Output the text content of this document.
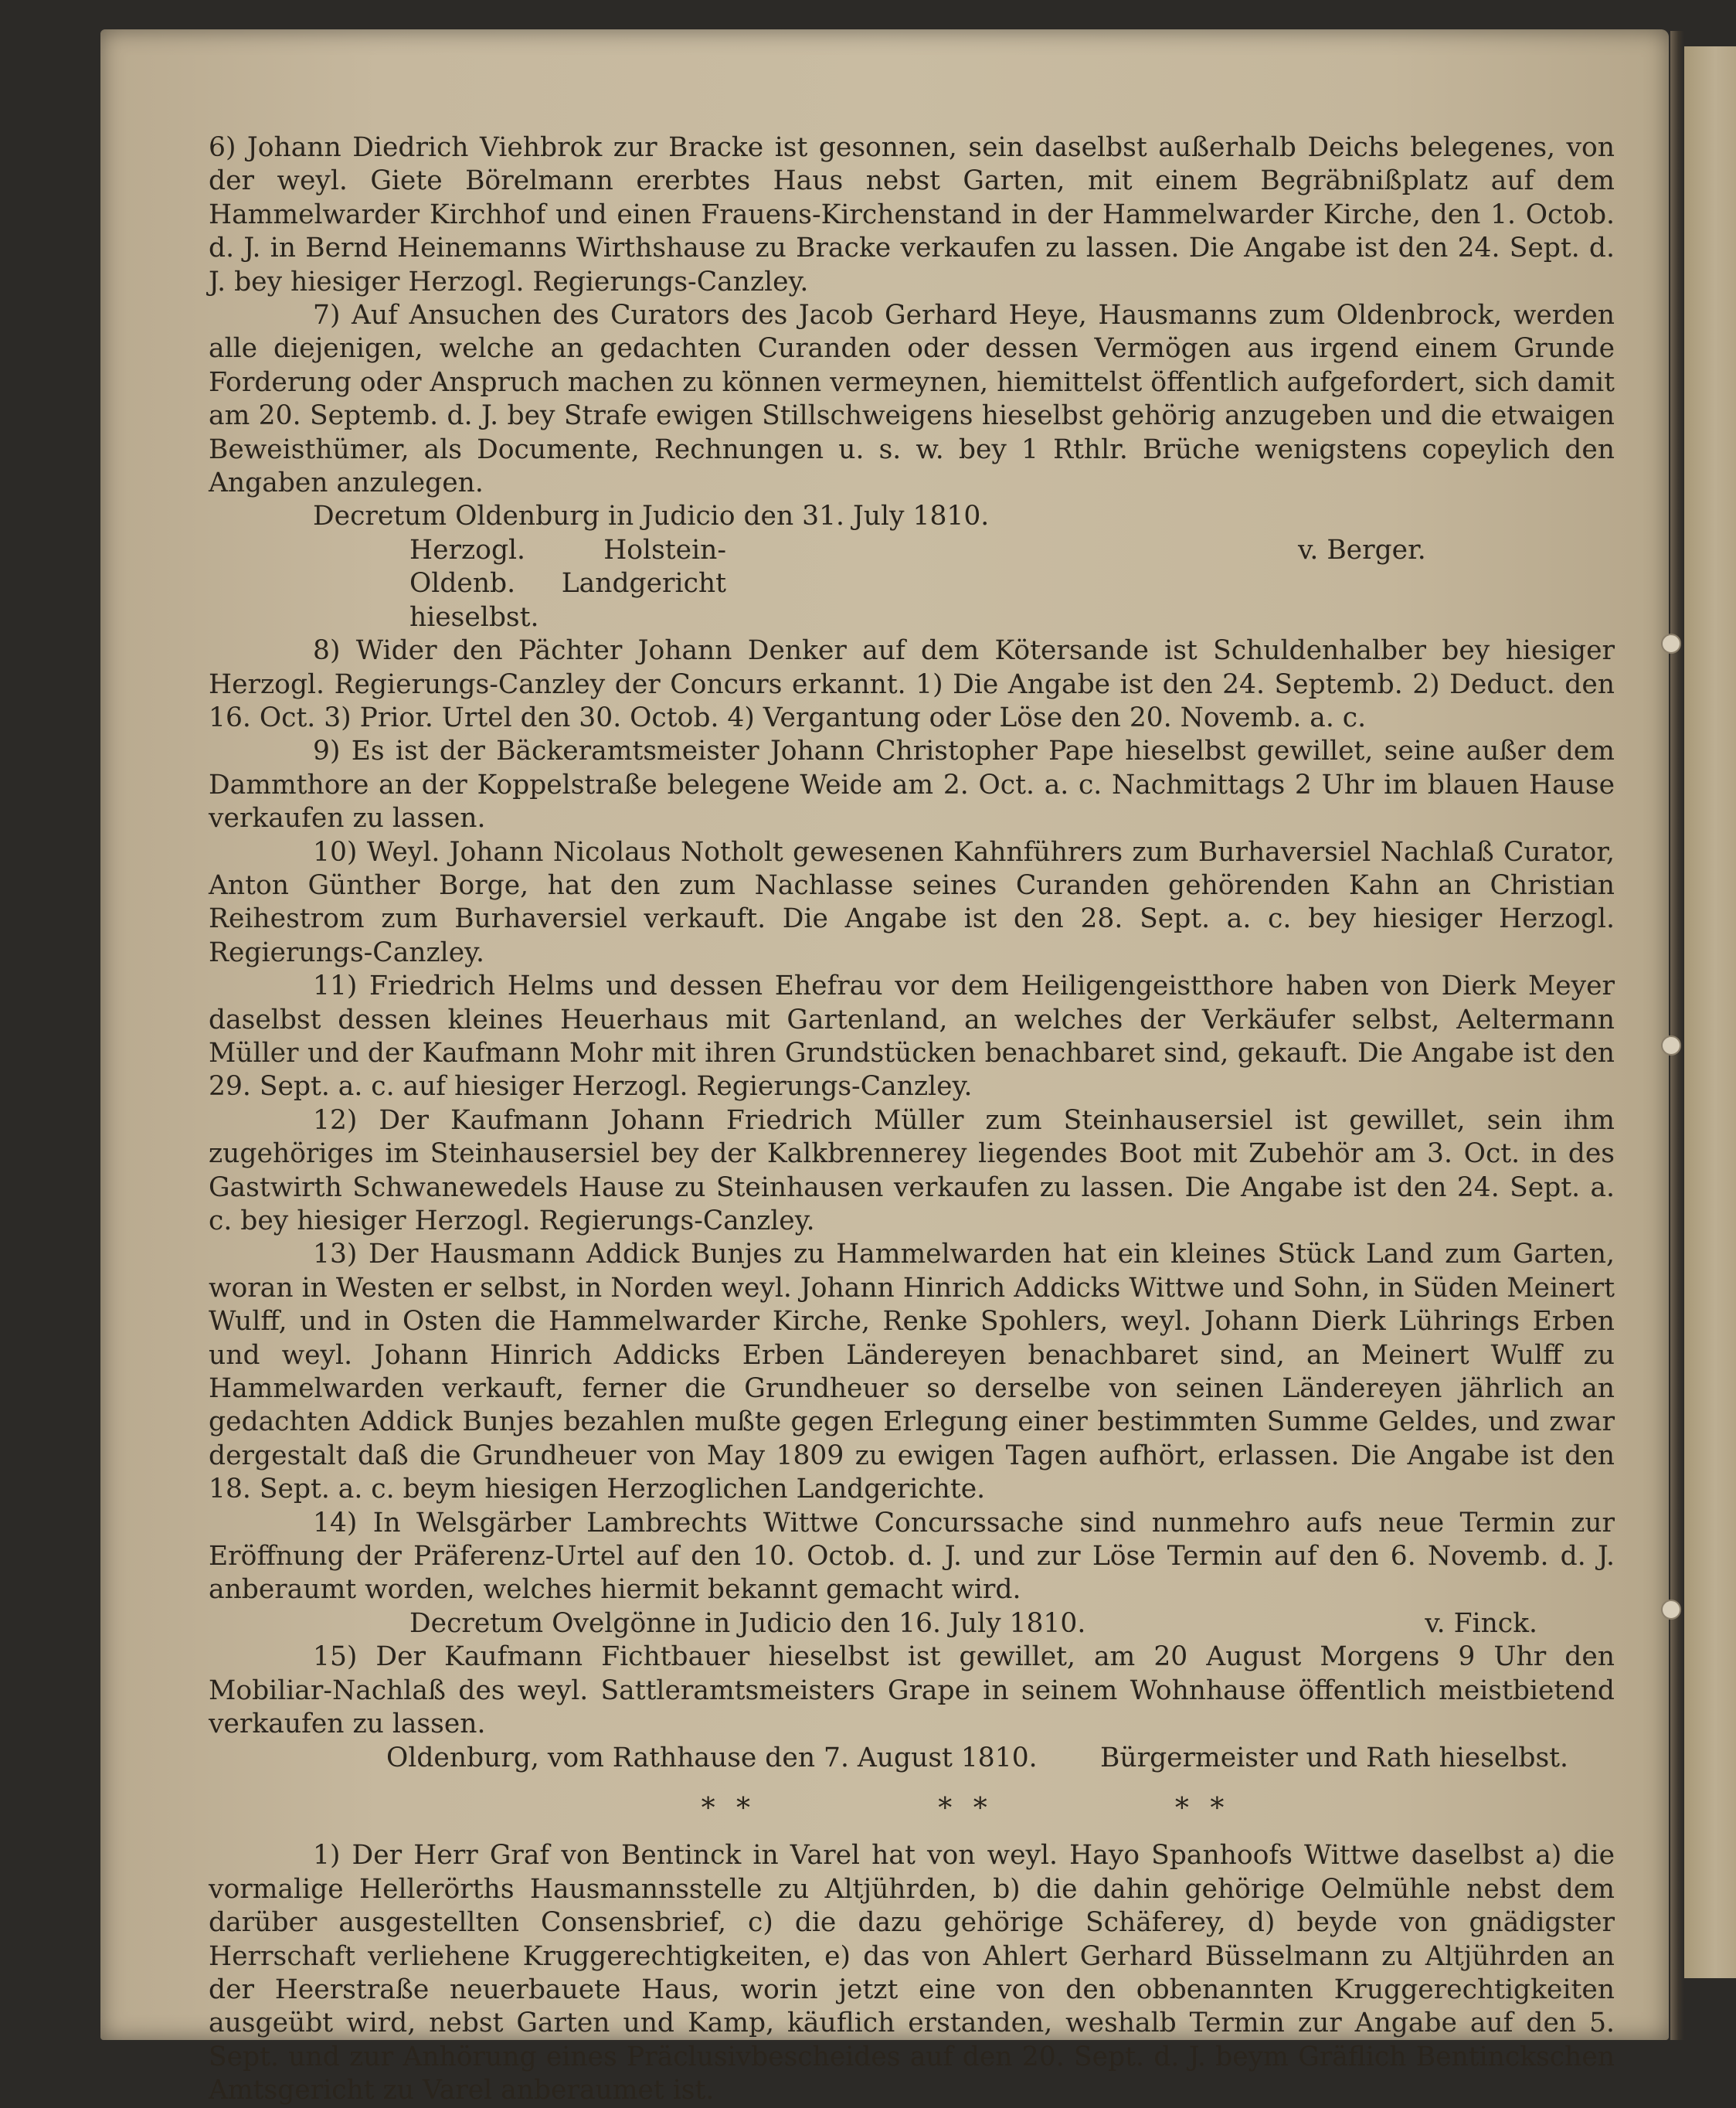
6) Johann Diedrich Viehbrok zur Bracke ist gesonnen, sein daselbst außerhalb Deichs belegenes, von der weyl. Giete Börelmann ererbtes Haus nebst Garten, mit einem Begräbnißplatz auf dem Hammelwarder Kirchhof und einen Frauens-Kirchenstand in der Hammelwarder Kirche, den 1. Octob. d. J. in Bernd Heinemanns Wirthshause zu Bracke verkaufen zu lassen. Die Angabe ist den 24. Sept. d. J. bey hiesiger Herzogl. Regierungs-Canzley.

7) Auf Ansuchen des Curators des Jacob Gerhard Heye, Hausmanns zum Oldenbrock, werden alle diejenigen, welche an gedachten Curanden oder dessen Vermögen aus irgend einem Grunde Forderung oder Anspruch machen zu können vermeynen, hiemittelst öffentlich aufgefordert, sich damit am 20. Septemb. d. J. bey Strafe ewigen Stillschweigens hieselbst gehörig anzugeben und die etwaigen Beweisthümer, als Documente, Rechnungen u. s. w. bey 1 Rthlr. Brüche wenigstens copeylich den Angaben anzulegen.

Decretum Oldenburg in Judicio den 31. July 1810.

Herzogl. Holstein-Oldenb. Landgericht hieselbst.
v. Berger.

8) Wider den Pächter Johann Denker auf dem Kötersande ist Schuldenhalber bey hiesiger Herzogl. Regierungs-Canzley der Concurs erkannt. 1) Die Angabe ist den 24. Septemb. 2) Deduct. den 16. Oct. 3) Prior. Urtel den 30. Octob. 4) Vergantung oder Löse den 20. Novemb. a. c.

9) Es ist der Bäckeramtsmeister Johann Christopher Pape hieselbst gewillet, seine außer dem Dammthore an der Koppelstraße belegene Weide am 2. Oct. a. c. Nachmittags 2 Uhr im blauen Hause verkaufen zu lassen.

10) Weyl. Johann Nicolaus Notholt gewesenen Kahnführers zum Burhaversiel Nachlaß Curator, Anton Günther Borge, hat den zum Nachlasse seines Curanden gehörenden Kahn an Christian Reihestrom zum Burhaversiel verkauft. Die Angabe ist den 28. Sept. a. c. bey hiesiger Herzogl. Regierungs-Canzley.

11) Friedrich Helms und dessen Ehefrau vor dem Heiligengeistthore haben von Dierk Meyer daselbst dessen kleines Heuerhaus mit Gartenland, an welches der Verkäufer selbst, Aeltermann Müller und der Kaufmann Mohr mit ihren Grundstücken benachbaret sind, gekauft. Die Angabe ist den 29. Sept. a. c. auf hiesiger Herzogl. Regierungs-Canzley.

12) Der Kaufmann Johann Friedrich Müller zum Steinhausersiel ist gewillet, sein ihm zugehöriges im Steinhausersiel bey der Kalkbrennerey liegendes Boot mit Zubehör am 3. Oct. in des Gastwirth Schwanewedels Hause zu Steinhausen verkaufen zu lassen. Die Angabe ist den 24. Sept. a. c. bey hiesiger Herzogl. Regierungs-Canzley.

13) Der Hausmann Addick Bunjes zu Hammelwarden hat ein kleines Stück Land zum Garten, woran in Westen er selbst, in Norden weyl. Johann Hinrich Addicks Wittwe und Sohn, in Süden Meinert Wulff, und in Osten die Hammelwarder Kirche, Renke Spohlers, weyl. Johann Dierk Lührings Erben und weyl. Johann Hinrich Addicks Erben Ländereyen benachbaret sind, an Meinert Wulff zu Hammelwarden verkauft, ferner die Grundheuer so derselbe von seinen Ländereyen jährlich an gedachten Addick Bunjes bezahlen mußte gegen Erlegung einer bestimmten Summe Geldes, und zwar dergestalt daß die Grundheuer von May 1809 zu ewigen Tagen aufhört, erlassen. Die Angabe ist den 18. Sept. a. c. beym hiesigen Herzoglichen Landgerichte.

14) In Welsgärber Lambrechts Wittwe Concurssache sind nunmehro aufs neue Termin zur Eröffnung der Präferenz-Urtel auf den 10. Octob. d. J. und zur Löse Termin auf den 6. Novemb. d. J. anberaumt worden, welches hiermit bekannt gemacht wird.

Decretum Ovelgönne in Judicio den 16. July 1810.	v. Finck.

15) Der Kaufmann Fichtbauer hieselbst ist gewillet, am 20 August Morgens 9 Uhr den Mobiliar-Nachlaß des weyl. Sattleramtsmeisters Grape in seinem Wohnhause öffentlich meistbietend verkaufen zu lassen.

Oldenburg, vom Rathhause den 7. August 1810. Bürgermeister und Rath hieselbst.
* *	* *	* *

1) Der Herr Graf von Bentinck in Varel hat von weyl. Hayo Spanhoofs Wittwe daselbst a) die vormalige Hellerörths Hausmannsstelle zu Altjührden, b) die dahin gehörige Oelmühle nebst dem darüber ausgestellten Consensbrief, c) die dazu gehörige Schäferey, d) beyde von gnädigster Herrschaft verliehene Kruggerechtigkeiten, e) das von Ahlert Gerhard Büsselmann zu Altjührden an der Heerstraße neuerbauete Haus, worin jetzt eine von den obbenannten Kruggerechtigkeiten ausgeübt wird, nebst Garten und Kamp, käuflich erstanden, weshalb Termin zur Angabe auf den 5. Sept. und zur Anhörung eines Präclusivbescheides auf den 20. Sept. d. J. beym Gräflich Bentinckschen Amtsgericht zu Varel anberaumet ist.
